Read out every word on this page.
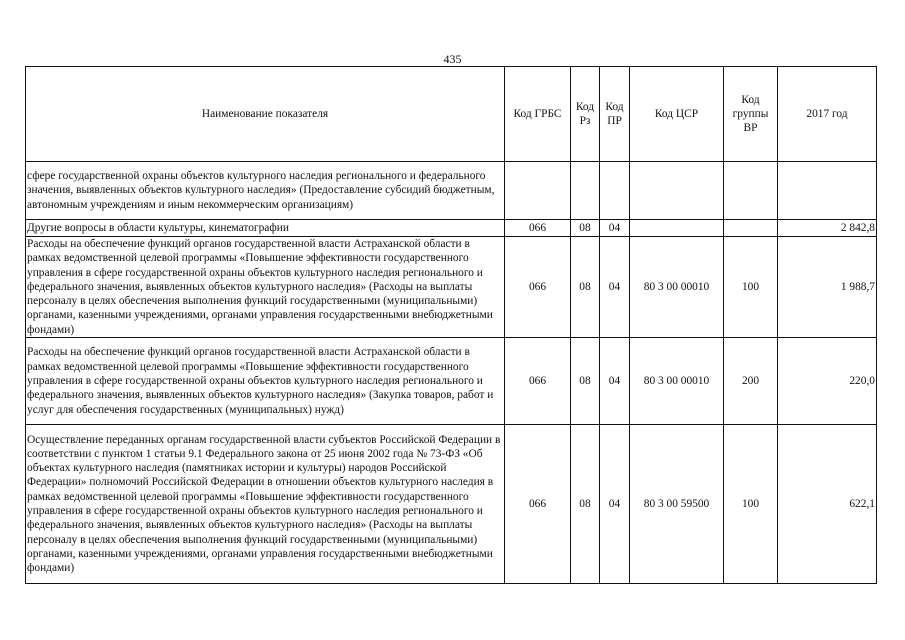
435
Наименование показателя	Код ГРБС	Код Рз	Код ПР	Код ЦСР	Код группы ВР	2017 год
сфере государственной охраны объектов культурного наследия регионального и федерального значения, выявленных объектов культурного наследия» (Предоставление субсидий бюджетным, автономным учреждениям и иным некоммерческим организациям)						
Другие вопросы в области культуры, кинематографии	066	08	04			2 842,8
Расходы на обеспечение функций органов государственной власти Астраханской области в рамках ведомственной целевой программы «Повышение эффективности государственного управления в сфере государственной охраны объектов культурного наследия регионального и федерального значения, выявленных объектов культурного наследия» (Расходы на выплаты персоналу в целях обеспечения выполнения функций государственными (муниципальными) органами, казенными учреждениями, органами управления государственными внебюджетными фондами)	066	08	04	80 3 00 00010	100	1 988,7
Расходы на обеспечение функций органов государственной власти Астраханской области в рамках ведомственной целевой программы «Повышение эффективности государственного управления в сфере государственной охраны объектов культурного наследия регионального и федерального значения, выявленных объектов культурного наследия» (Закупка товаров, работ и услуг для обеспечения государственных (муниципальных) нужд)	066	08	04	80 3 00 00010	200	220,0
Осуществление переданных органам государственной власти субъектов Российской Федерации в соответствии с пунктом 1 статьи 9.1 Федерального закона от 25 июня 2002 года № 73-ФЗ «Об объектах культурного наследия (памятниках истории и культуры) народов Российской Федерации» полномочий Российской Федерации в отношении объектов культурного наследия в рамках ведомственной целевой программы «Повышение эффективности государственного управления в сфере государственной охраны объектов культурного наследия регионального и федерального значения, выявленных объектов культурного наследия» (Расходы на выплаты персоналу в целях обеспечения выполнения функций государственными (муниципальными) органами, казенными учреждениями, органами управления государственными внебюджетными фондами)	066	08	04	80 3 00 59500	100	622,1
